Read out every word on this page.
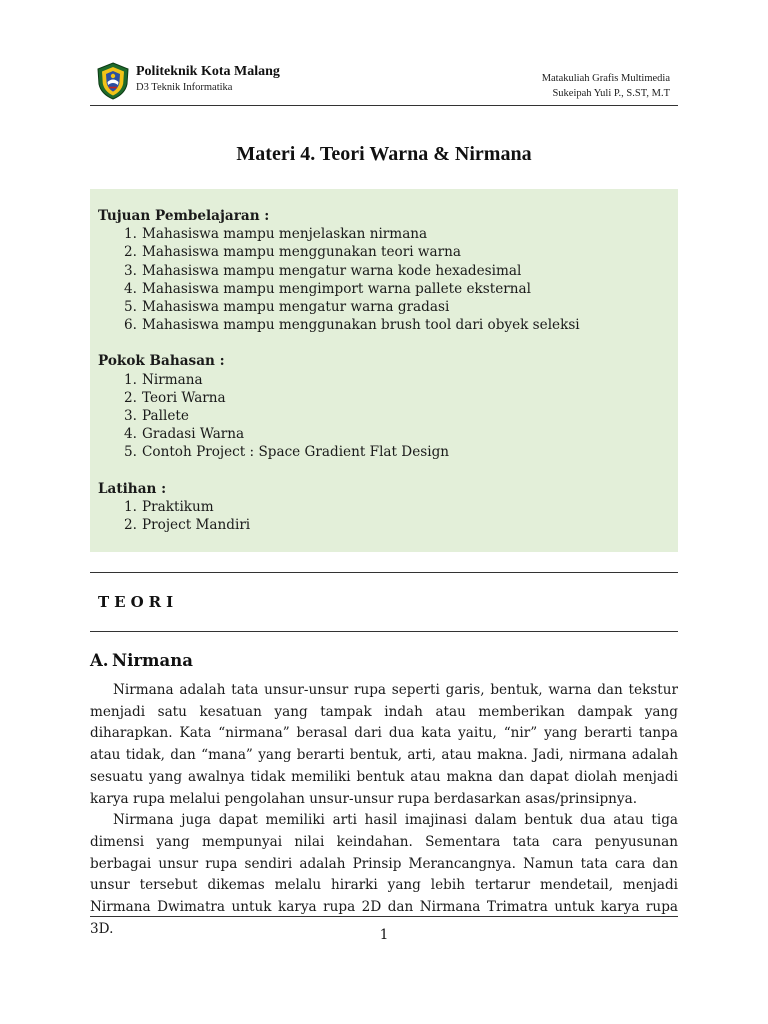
Politeknik Kota Malang
D3 Teknik Informatika
Matakuliah Grafis Multimedia
Sukeipah Yuli P., S.ST, M.T
Materi 4. Teori Warna & Nirmana
Tujuan Pembelajaran :
1. Mahasiswa mampu menjelaskan nirmana
2. Mahasiswa mampu menggunakan teori warna
3. Mahasiswa mampu mengatur warna kode hexadesimal
4. Mahasiswa mampu mengimport warna pallete eksternal
5. Mahasiswa mampu mengatur warna gradasi
6. Mahasiswa mampu menggunakan brush tool dari obyek seleksi
Pokok Bahasan :
1. Nirmana
2. Teori Warna
3. Pallete
4. Gradasi Warna
5. Contoh Project : Space Gradient Flat Design
Latihan :
1. Praktikum
2. Project Mandiri
TEORI
A. Nirmana

Nirmana adalah tata unsur-unsur rupa seperti garis, bentuk, warna dan tekstur menjadi satu kesatuan yang tampak indah atau memberikan dampak yang diharapkan. Kata “nirmana” berasal dari dua kata yaitu, “nir” yang berarti tanpa atau tidak, dan “mana” yang berarti bentuk, arti, atau makna. Jadi, nirmana adalah sesuatu yang awalnya tidak memiliki bentuk atau makna dan dapat diolah menjadi karya rupa melalui pengolahan unsur-unsur rupa berdasarkan asas/prinsipnya.

Nirmana juga dapat memiliki arti hasil imajinasi dalam bentuk dua atau tiga dimensi yang mempunyai nilai keindahan. Sementara tata cara penyusunan berbagai unsur rupa sendiri adalah Prinsip Merancangnya. Namun tata cara dan unsur tersebut dikemas melalu hirarki yang lebih tertarur mendetail, menjadi Nirmana Dwimatra untuk karya rupa 2D dan Nirmana Trimatra untuk karya rupa 3D.	1
